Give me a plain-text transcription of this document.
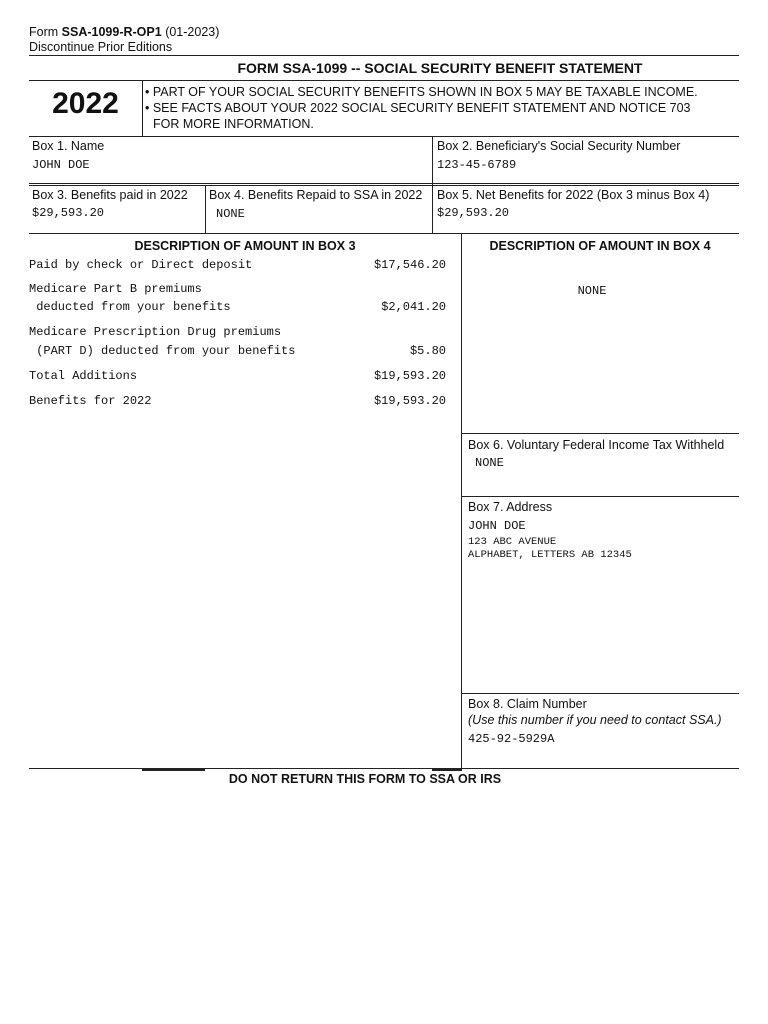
Form SSA-1099-R-OP1 (01-2023)
Discontinue Prior Editions
FORM SSA-1099 -- SOCIAL SECURITY BENEFIT STATEMENT
2022	• PART OF YOUR SOCIAL SECURITY BENEFITS SHOWN IN BOX 5 MAY BE TAXABLE INCOME.
• SEE FACTS ABOUT YOUR 2022 SOCIAL SECURITY BENEFIT STATEMENT AND NOTICE 703
FOR MORE INFORMATION.
Box 1. Name
JOHN DOE
Box 2. Beneficiary's Social Security Number
123-45-6789
Box 3. Benefits paid in 2022
$29,593.20
Box 4. Benefits Repaid to SSA in 2022
NONE
Box 5. Net Benefits for 2022 (Box 3 minus Box 4)
$29,593.20
DESCRIPTION OF AMOUNT IN BOX 3
Paid by check or Direct deposit	$17,546.20
Medicare Part B premiums
deducted from your benefits	$2,041.20
Medicare Prescription Drug premiums
(PART D) deducted from your benefits	$5.80
Total Additions	$19,593.20
Benefits for 2022	$19,593.20
DESCRIPTION OF AMOUNT IN BOX 4
NONE
Box 6. Voluntary Federal Income Tax Withheld
NONE
Box 7. Address
JOHN DOE
123 ABC AVENUE
ALPHABET, LETTERS AB 12345
Box 8. Claim Number
(Use this number if you need to contact SSA.)
425-92-5929A
DO NOT RETURN THIS FORM TO SSA OR IRS
